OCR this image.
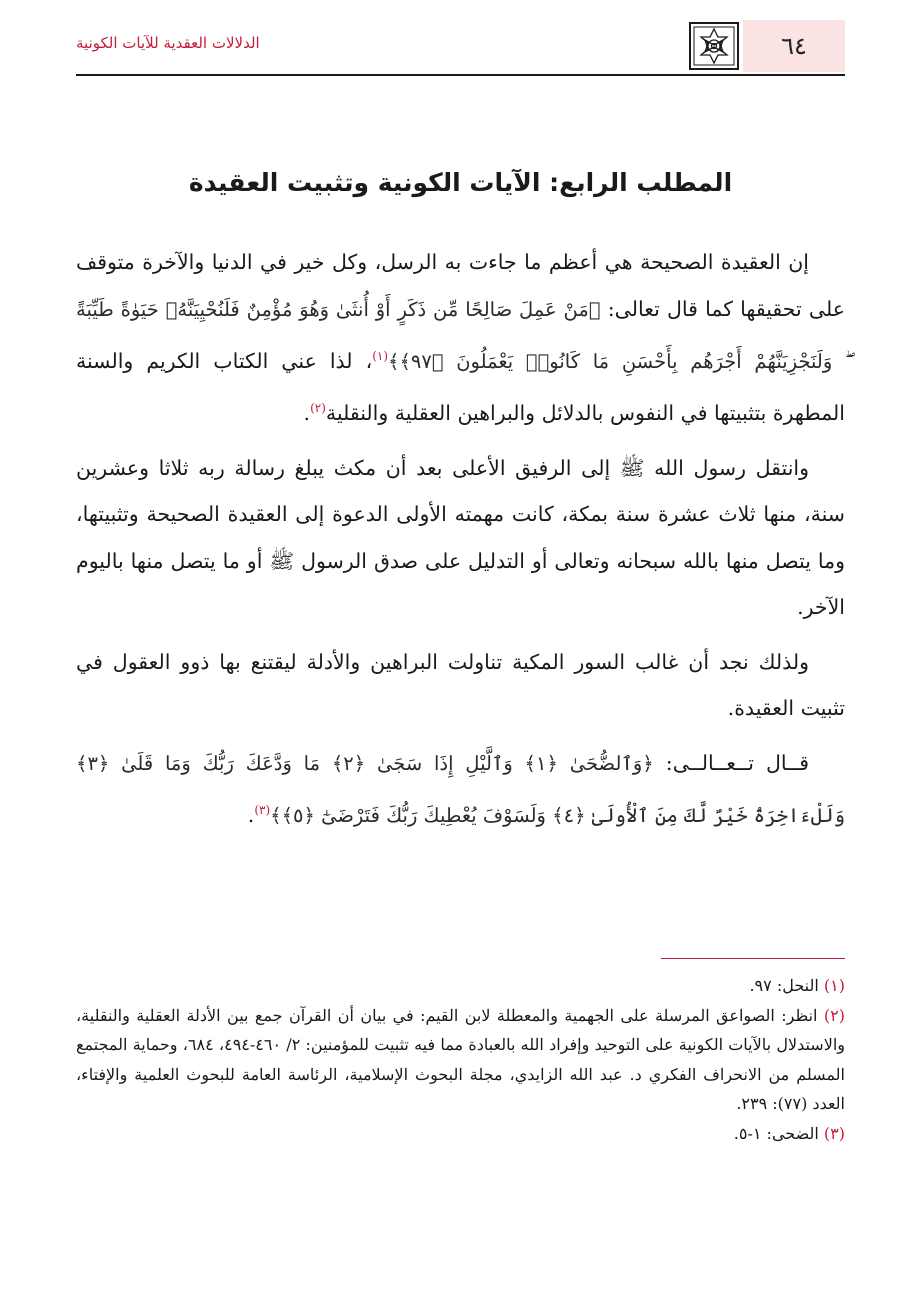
٦٤
الدلالات العقدية للآيات الكونية
المطلب الرابع: الآيات الكونية وتثبيت العقيدة

إن العقيدة الصحيحة هي أعظم ما جاءت به الرسل، وكل خير في الدنيا والآخرة متوقف على تحقيقها كما قال تعالى: ﴿مَنْ عَمِلَ صَالِحًا مِّن ذَكَرٍ أَوْ أُنثَىٰ وَهُوَ مُؤْمِنٌ فَلَنُحْيِيَنَّهُۥ حَيَوٰةً طَيِّبَةً ۖ وَلَنَجْزِيَنَّهُمْ أَجْرَهُم بِأَحْسَنِ مَا كَانُوا۟ يَعْمَلُونَ ﴿٩٧﴾﴾$^{(١)}$، لذا عني الكتاب الكريم والسنة المطهرة بتثبيتها في النفوس بالدلائل والبراهين العقلية والنقلية$^{(٢)}$.

وانتقل رسول الله ﷺ إلى الرفيق الأعلى بعد أن مكث يبلغ رسالة ربه ثلاثا وعشرين سنة، منها ثلاث عشرة سنة بمكة، كانت مهمته الأولى الدعوة إلى العقيدة الصحيحة وتثبيتها، وما يتصل منها بالله سبحانه وتعالى أو التدليل على صدق الرسول ﷺ أو ما يتصل منها باليوم الآخر.

ولذلك نجد أن غالب السور المكية تناولت البراهين والأدلة ليقتنع بها ذوو العقول في تثبيت العقيدة.

قــال تــعــالــى: ﴿وَٱلضُّحَىٰ ﴿١﴾ وَٱلَّيْلِ إِذَا سَجَىٰ ﴿٢﴾ مَا وَدَّعَكَ رَبُّكَ وَمَا قَلَىٰ ﴿٣﴾ وَلَلْءَاخِرَةُ خَيْرٌ لَّكَ مِنَ ٱلْأُولَىٰ ﴿٤﴾ وَلَسَوْفَ يُعْطِيكَ رَبُّكَ فَتَرْضَىٰٓ ﴿٥﴾﴾$^{(٣)}$.

(١) النحل: ٩٧.

(٢) انظر: الصواعق المرسلة على الجهمية والمعطلة لابن القيم: في بيان أن القرآن جمع بين الأدلة العقلية والنقلية، والاستدلال بالآيات الكونية على التوحيد وإفراد الله بالعبادة مما فيه تثبيت للمؤمنين: ٢/ ٤٦٠-٤٩٤، ٦٨٤، وحماية المجتمع المسلم من الانحراف الفكري د. عبد الله الزايدي، مجلة البحوث الإسلامية، الرئاسة العامة للبحوث العلمية والإفتاء، العدد (٧٧): ٢٣٩.

(٣) الضحى: ١-٥.
